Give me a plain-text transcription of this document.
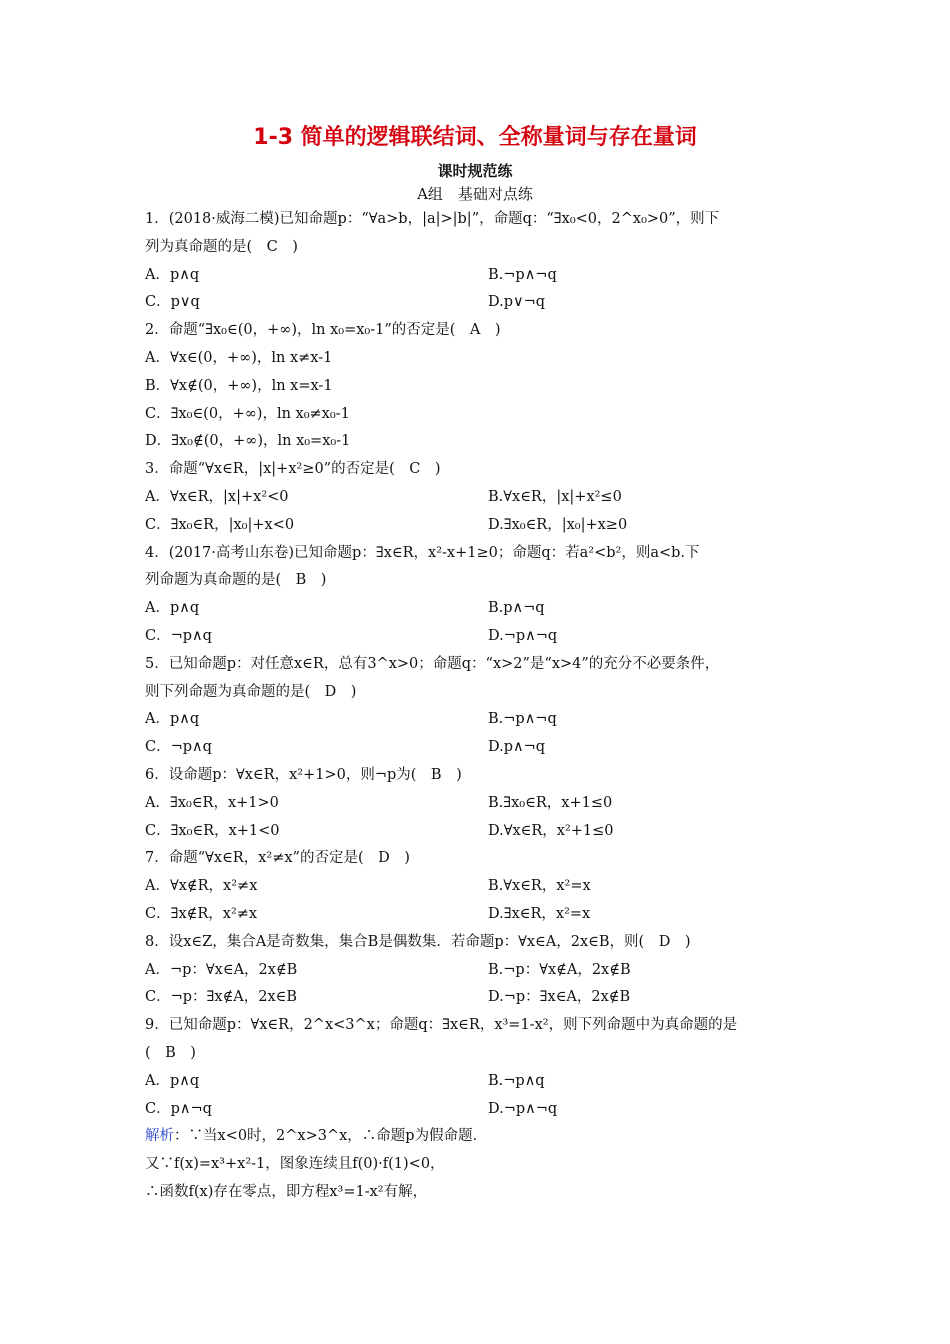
1-3 简单的逻辑联结词、全称量词与存在量词
课时规范练
A组　基础对点练
1．(2018·威海二模)已知命题p：“∀a>b，|a|>|b|”，命题q：“∃x₀<0，2^x₀>0”，则下
列为真命题的是(　C　)
A．p∧q	B.¬p∧¬q
C．p∨q	D.p∨¬q
2．命题“∃x₀∈(0，+∞)，ln x₀=x₀-1”的否定是(　A　)
A．∀x∈(0，+∞)，ln x≠x-1
B．∀x∉(0，+∞)，ln x=x-1
C．∃x₀∈(0，+∞)，ln x₀≠x₀-1
D．∃x₀∉(0，+∞)，ln x₀=x₀-1
3．命题“∀x∈R，|x|+x²≥0”的否定是(　C　)
A．∀x∈R，|x|+x²<0	B.∀x∈R，|x|+x²≤0
C．∃x₀∈R，|x₀|+x<0	D.∃x₀∈R，|x₀|+x≥0
4．(2017·高考山东卷)已知命题p：∃x∈R，x²-x+1≥0；命题q：若a²<b²，则a<b.下
列命题为真命题的是(　B　)
A．p∧q	B.p∧¬q
C．¬p∧q	D.¬p∧¬q
5．已知命题p：对任意x∈R，总有3^x>0；命题q：“x>2”是“x>4”的充分不必要条件，
则下列命题为真命题的是(　D　)
A．p∧q	B.¬p∧¬q
C．¬p∧q	D.p∧¬q
6．设命题p：∀x∈R，x²+1>0，则¬p为(　B　)
A．∃x₀∈R，x+1>0	B.∃x₀∈R，x+1≤0
C．∃x₀∈R，x+1<0	D.∀x∈R，x²+1≤0
7．命题“∀x∈R，x²≠x”的否定是(　D　)
A．∀x∉R，x²≠x	B.∀x∈R，x²=x
C．∃x∉R，x²≠x	D.∃x∈R，x²=x
8．设x∈Z，集合A是奇数集，集合B是偶数集．若命题p：∀x∈A，2x∈B，则(　D　)
A．¬p：∀x∈A，2x∉B	B.¬p：∀x∉A，2x∉B
C．¬p：∃x∉A，2x∈B	D.¬p：∃x∈A，2x∉B
9．已知命题p：∀x∈R，2^x<3^x；命题q：∃x∈R，x³=1-x²，则下列命题中为真命题的是
(　B　)
A．p∧q	B.¬p∧q
C．p∧¬q	D.¬p∧¬q
解析：∵当x<0时，2^x>3^x，∴命题p为假命题．
又∵f(x)=x³+x²-1，图象连续且f(0)·f(1)<0，
∴函数f(x)存在零点，即方程x³=1-x²有解，
